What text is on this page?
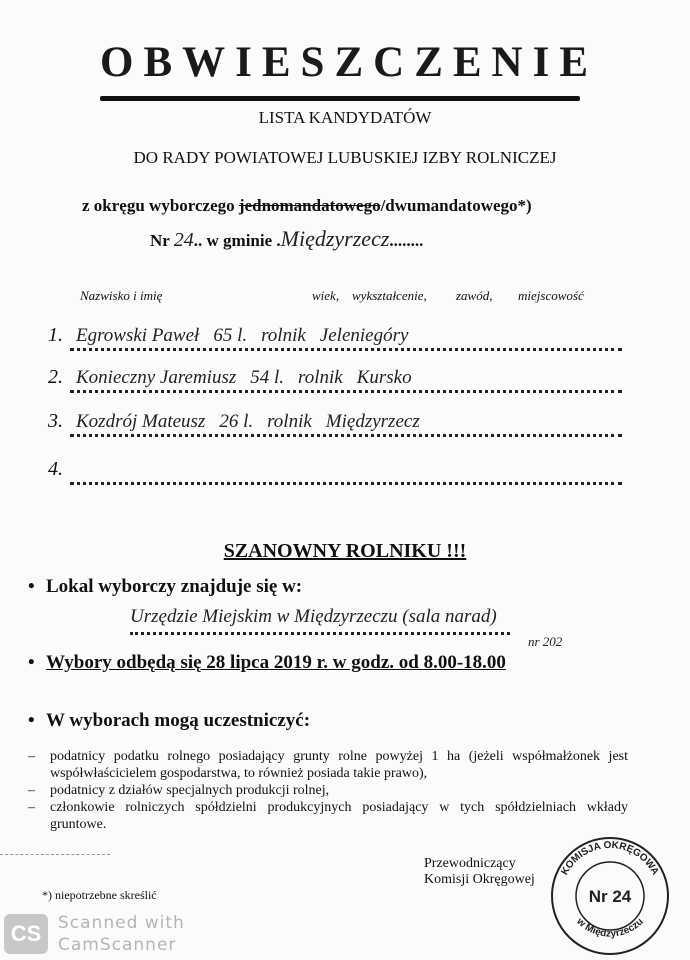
OBWIESZCZENIE
LISTA KANDYDATÓW
DO RADY POWIATOWEJ LUBUSKIEJ IZBY ROLNICZEJ
z okręgu wyborczego jednomandatowego/dwumandatowego*)
Nr 24.. w gminie .Międzyrzecz........
Nazwisko i imię	wiek, wykształcenie, zawód, miejscowość
1. Egrowski Paweł 65 l. rolnik Jeleniegóry
2. Konieczny Jaremiusz 54 l. rolnik Kursko
3. Kozdrój Mateusz 26 l. rolnik Międzyrzecz
4.
SZANOWNY ROLNIKU !!!
• Lokal wyborczy znajduje się w:
Urzędzie Miejskim w Międzyrzeczu (sala narad)
nr 202
• Wybory odbędą się 28 lipca 2019 r. w godz. od 8.00-18.00
• W wyborach mogą uczestniczyć:
– podatnicy podatku rolnego posiadający grunty rolne powyżej 1 ha (jeżeli współmałżonek jest współwłaścicielem gospodarstwa, to również posiada takie prawo),
– podatnicy z działów specjalnych produkcji rolnej,
– członkowie rolniczych spółdzielni produkcyjnych posiadający w tych spółdzielniach wkłady gruntowe.
*) niepotrzebne skreślić
Przewodniczący
Komisji Okręgowej
KOMISJA OKRĘGOWA
w Międzyrzeczu
Nr 24
CS Scanned with
CamScanner
